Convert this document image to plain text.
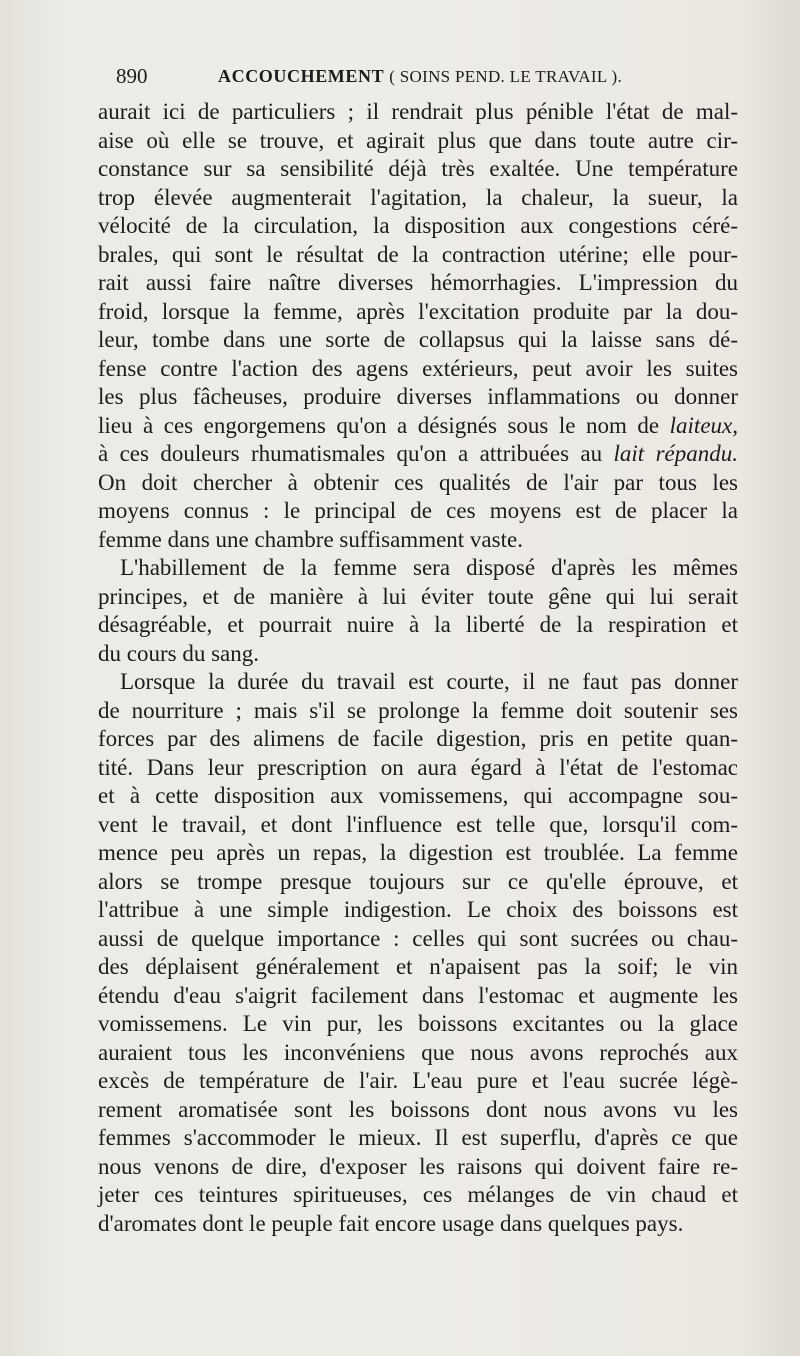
890	ACCOUCHEMENT ( SOINS PEND. LE TRAVAIL ).

aurait ici de particuliers ; il rendrait plus pénible l'état de mal-
aise où elle se trouve, et agirait plus que dans toute autre cir-
constance sur sa sensibilité déjà très exaltée. Une température
trop élevée augmenterait l'agitation, la chaleur, la sueur, la
vélocité de la circulation, la disposition aux congestions céré-
brales, qui sont le résultat de la contraction utérine; elle pour-
rait aussi faire naître diverses hémorrhagies. L'impression du
froid, lorsque la femme, après l'excitation produite par la dou-
leur, tombe dans une sorte de collapsus qui la laisse sans dé-
fense contre l'action des agens extérieurs, peut avoir les suites
les plus fâcheuses, produire diverses inflammations ou donner
lieu à ces engorgemens qu'on a désignés sous le nom de laiteux,
à ces douleurs rhumatismales qu'on a attribuées au lait répandu.
On doit chercher à obtenir ces qualités de l'air par tous les
moyens connus : le principal de ces moyens est de placer la
femme dans une chambre suffisamment vaste.

L'habillement de la femme sera disposé d'après les mêmes
principes, et de manière à lui éviter toute gêne qui lui serait
désagréable, et pourrait nuire à la liberté de la respiration et
du cours du sang.

Lorsque la durée du travail est courte, il ne faut pas donner
de nourriture ; mais s'il se prolonge la femme doit soutenir ses
forces par des alimens de facile digestion, pris en petite quan-
tité. Dans leur prescription on aura égard à l'état de l'estomac
et à cette disposition aux vomissemens, qui accompagne sou-
vent le travail, et dont l'influence est telle que, lorsqu'il com-
mence peu après un repas, la digestion est troublée. La femme
alors se trompe presque toujours sur ce qu'elle éprouve, et
l'attribue à une simple indigestion. Le choix des boissons est
aussi de quelque importance : celles qui sont sucrées ou chau-
des déplaisent généralement et n'apaisent pas la soif; le vin
étendu d'eau s'aigrit facilement dans l'estomac et augmente les
vomissemens. Le vin pur, les boissons excitantes ou la glace
auraient tous les inconvéniens que nous avons reprochés aux
excès de température de l'air. L'eau pure et l'eau sucrée légè-
rement aromatisée sont les boissons dont nous avons vu les
femmes s'accommoder le mieux. Il est superflu, d'après ce que
nous venons de dire, d'exposer les raisons qui doivent faire re-
jeter ces teintures spiritueuses, ces mélanges de vin chaud et
d'aromates dont le peuple fait encore usage dans quelques pays.
